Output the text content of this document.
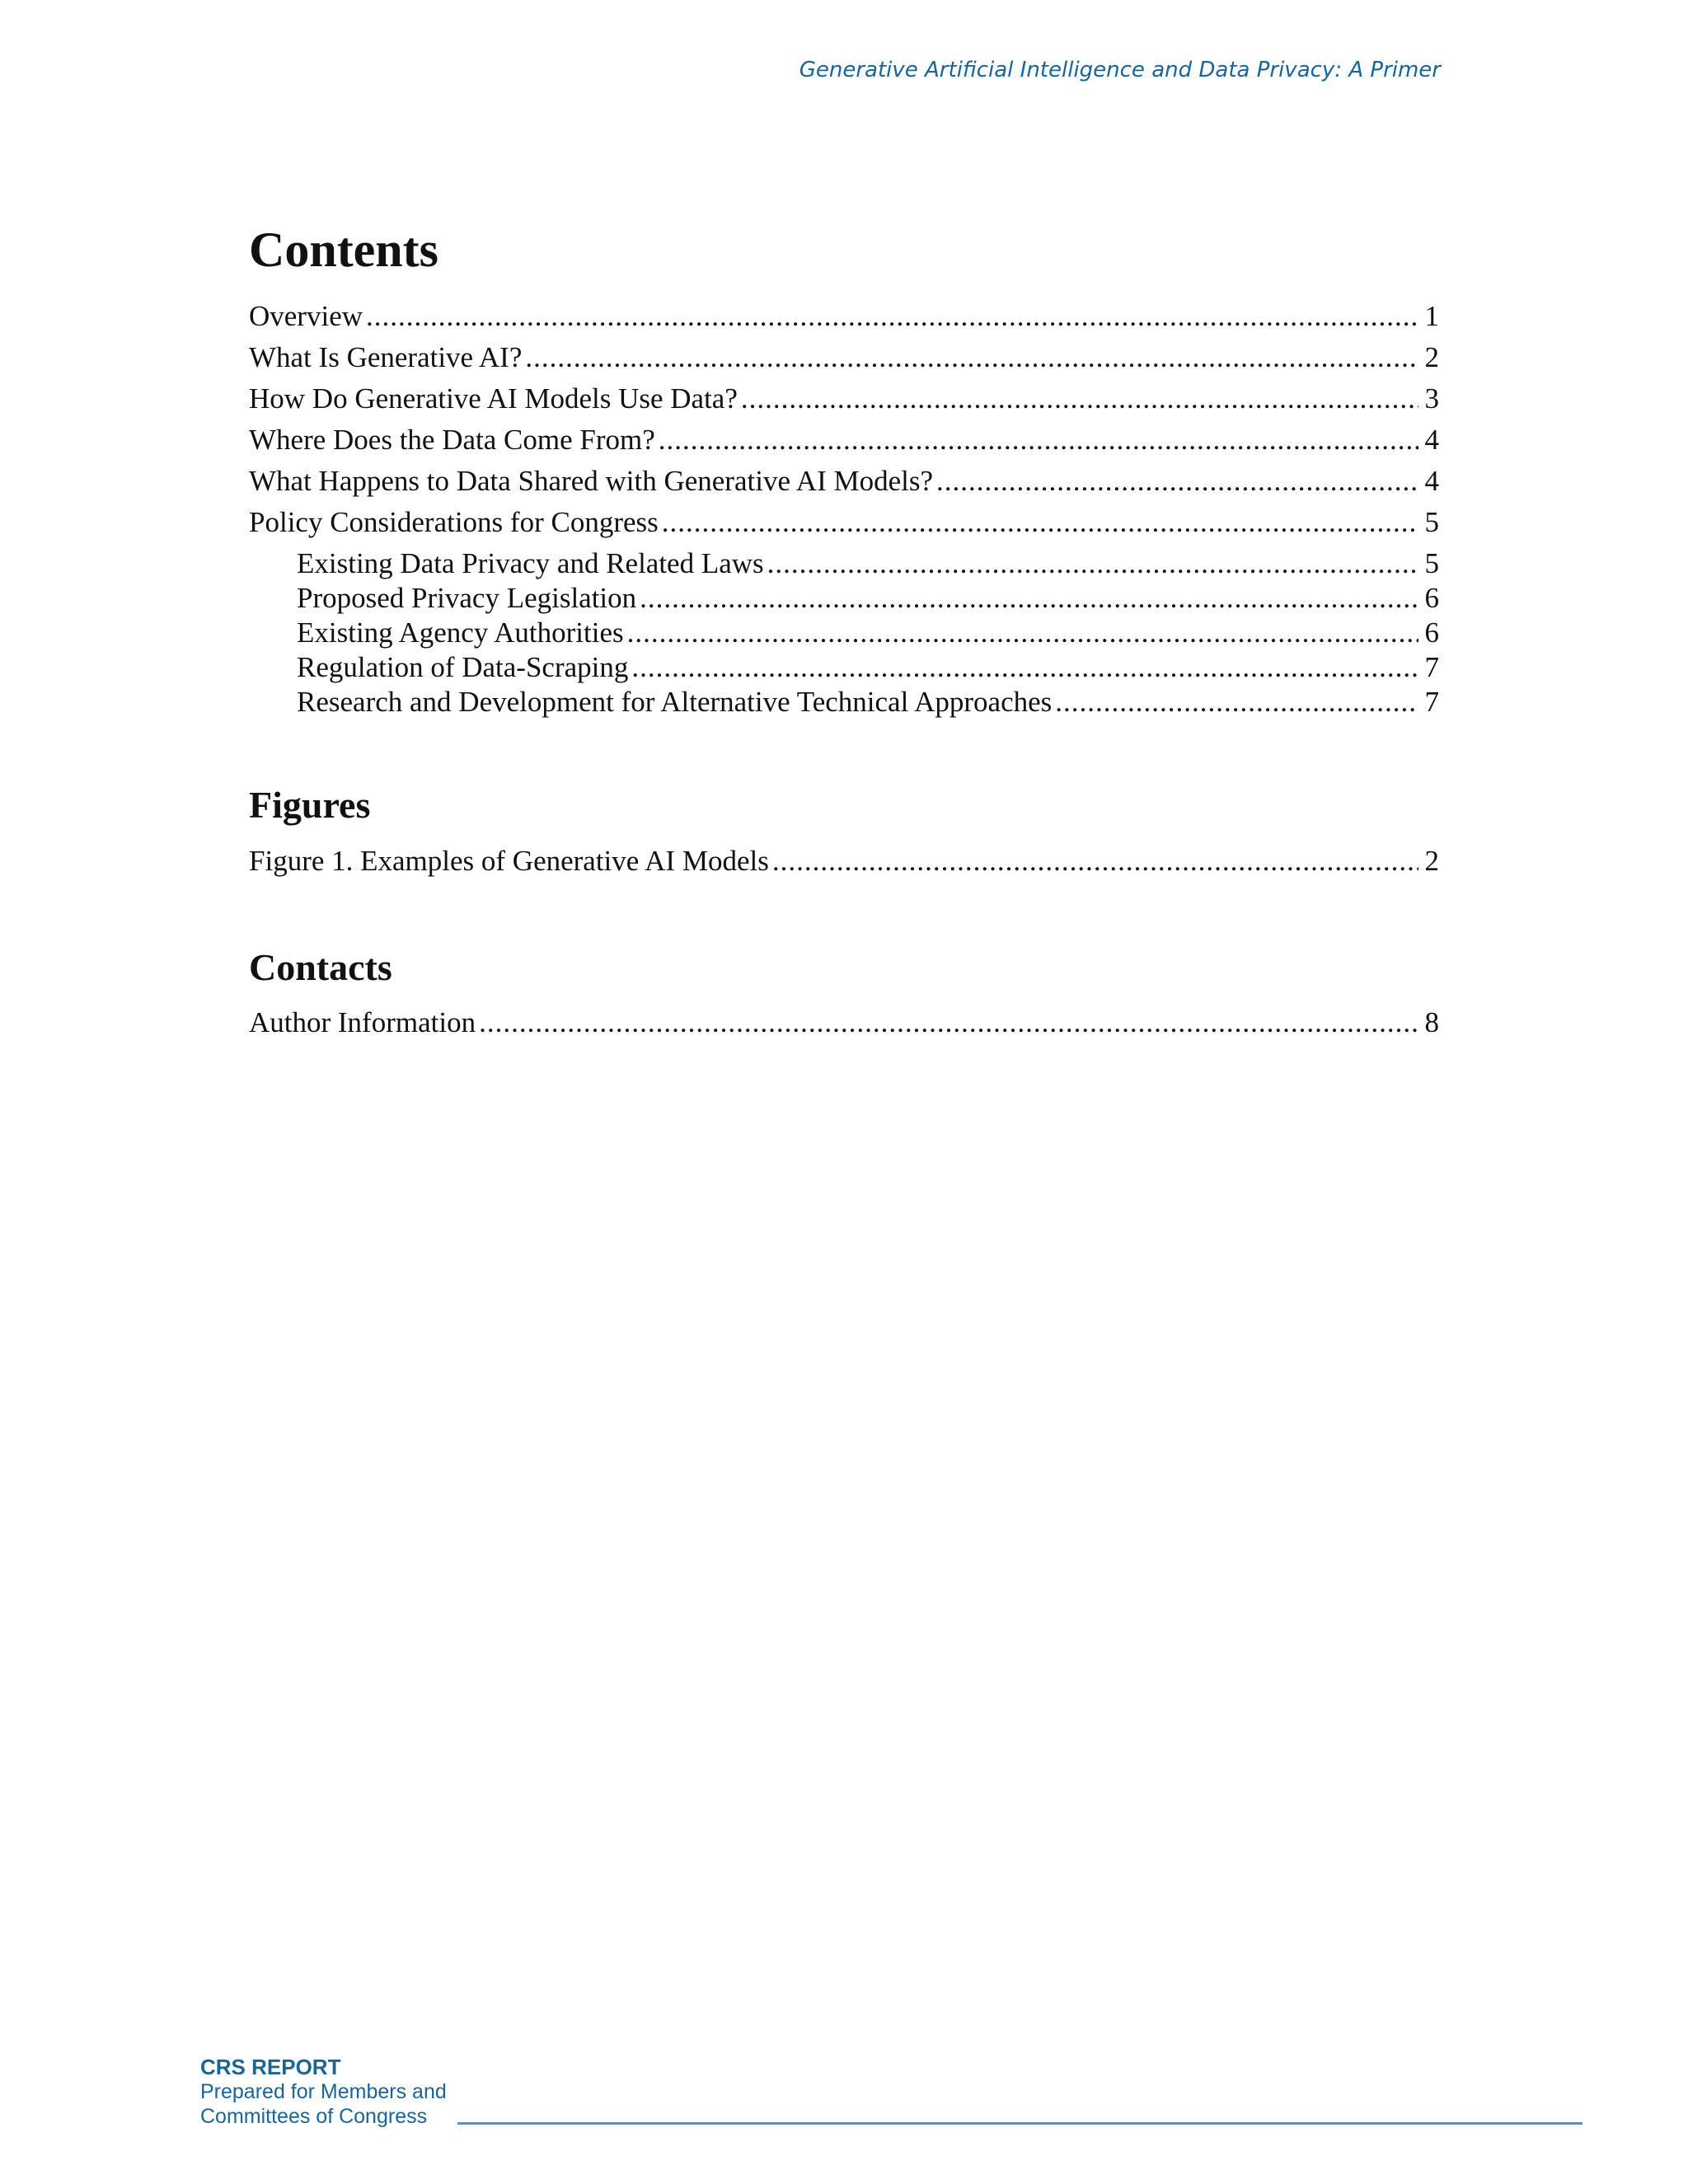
Generative Artificial Intelligence and Data Privacy: A Primer
Contents
Overview .....	1
What Is Generative AI? .....	2
How Do Generative AI Models Use Data? .....	3
Where Does the Data Come From? .....	4
What Happens to Data Shared with Generative AI Models? .....	4
Policy Considerations for Congress .....	5
Existing Data Privacy and Related Laws .....	5
Proposed Privacy Legislation .....	6
Existing Agency Authorities .....	6
Regulation of Data-Scraping .....	7
Research and Development for Alternative Technical Approaches .....	7
Figures
Figure 1. Examples of Generative AI Models .....	2
Contacts
Author Information .....	8
CRS REPORT
Prepared for Members and
Committees of Congress
